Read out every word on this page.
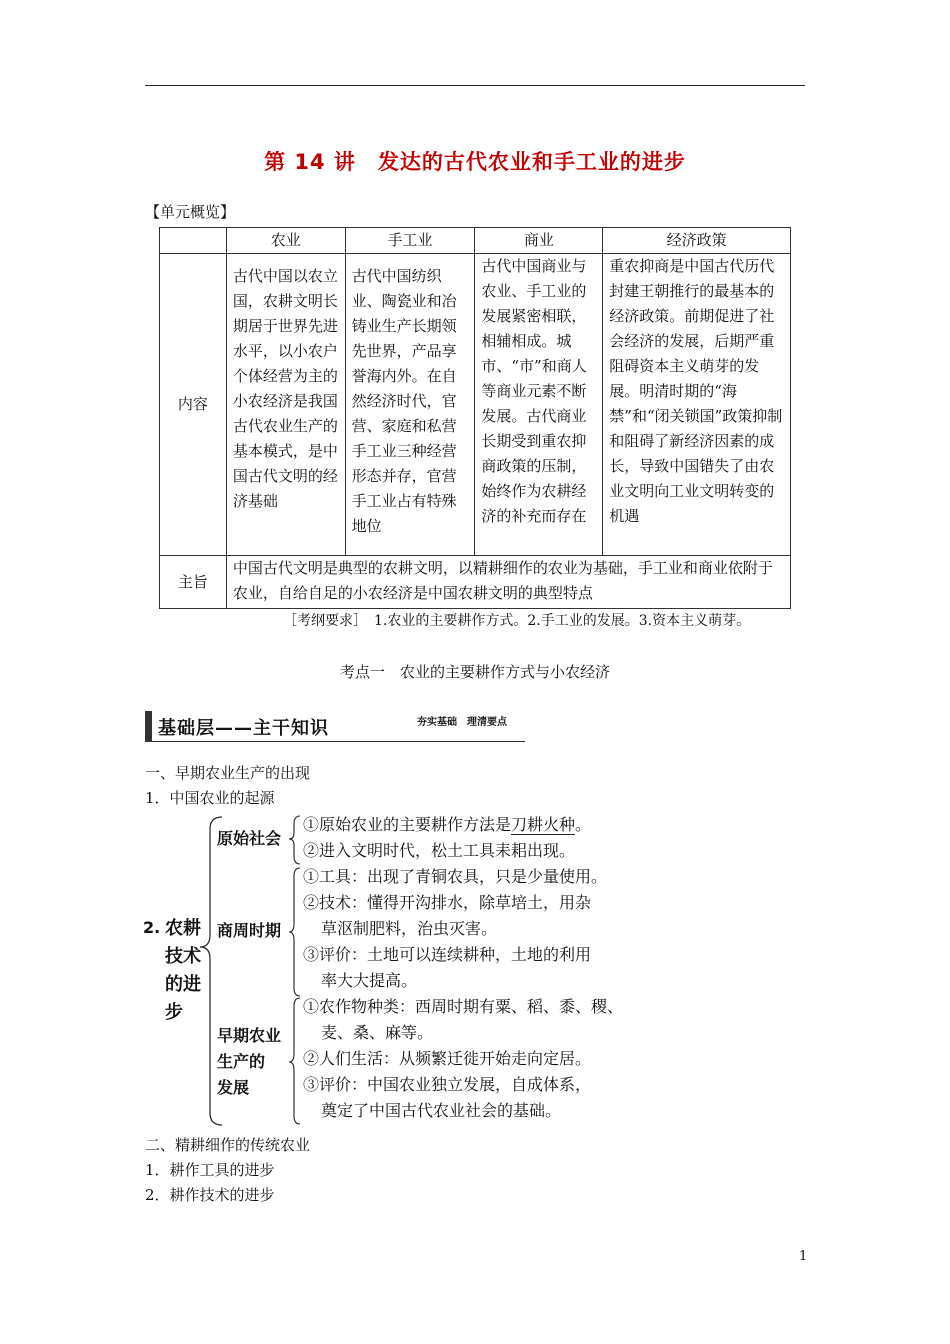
第 14 讲　发达的古代农业和手工业的进步
【单元概览】
	农业	手工业	商业	经济政策
内容	古代中国以农立国，农耕文明长期居于世界先进水平，以小农户个体经营为主的小农经济是我国古代农业生产的基本模式，是中国古代文明的经济基础	古代中国纺织业、陶瓷业和冶铸业生产长期领先世界，产品享誉海内外。在自然经济时代，官营、家庭和私营手工业三种经营形态并存，官营手工业占有特殊地位	古代中国商业与农业、手工业的发展紧密相联，相辅相成。城市、“市”和商人等商业元素不断发展。古代商业长期受到重农抑商政策的压制，始终作为农耕经济的补充而存在	重农抑商是中国古代历代封建王朝推行的最基本的经济政策。前期促进了社会经济的发展，后期严重阻碍资本主义萌芽的发展。明清时期的“海禁”和“闭关锁国”政策抑制和阻碍了新经济因素的成长，导致中国错失了由农业文明向工业文明转变的机遇
主旨	中国古代文明是典型的农耕文明，以精耕细作的农业为基础，手工业和商业依附于农业，自给自足的小农经济是中国农耕文明的典型特点			
［考纲要求］　1.农业的主要耕作方式。2.手工业的发展。3.资本主义萌芽。
考点一　农业的主要耕作方式与小农经济
基础层——主干知识	夯实基础　理清要点
一、早期农业生产的出现
1．中国农业的起源
2. 农耕
技术
的进
步
原始社会
①原始农业的主要耕作方法是刀耕火种。
②进入文明时代，松土工具耒耜出现。
商周时期
①工具：出现了青铜农具，只是少量使用。
②技术：懂得开沟排水，除草培土，用杂
草沤制肥料，治虫灭害。
③评价：土地可以连续耕种，土地的利用
率大大提高。
早期农业
生产的
发展
①农作物种类：西周时期有粟、稻、黍、稷、
麦、桑、麻等。
②人们生活：从频繁迁徙开始走向定居。
③评价：中国农业独立发展，自成体系，
奠定了中国古代农业社会的基础。
二、精耕细作的传统农业
1．耕作工具的进步
2．耕作技术的进步
1
